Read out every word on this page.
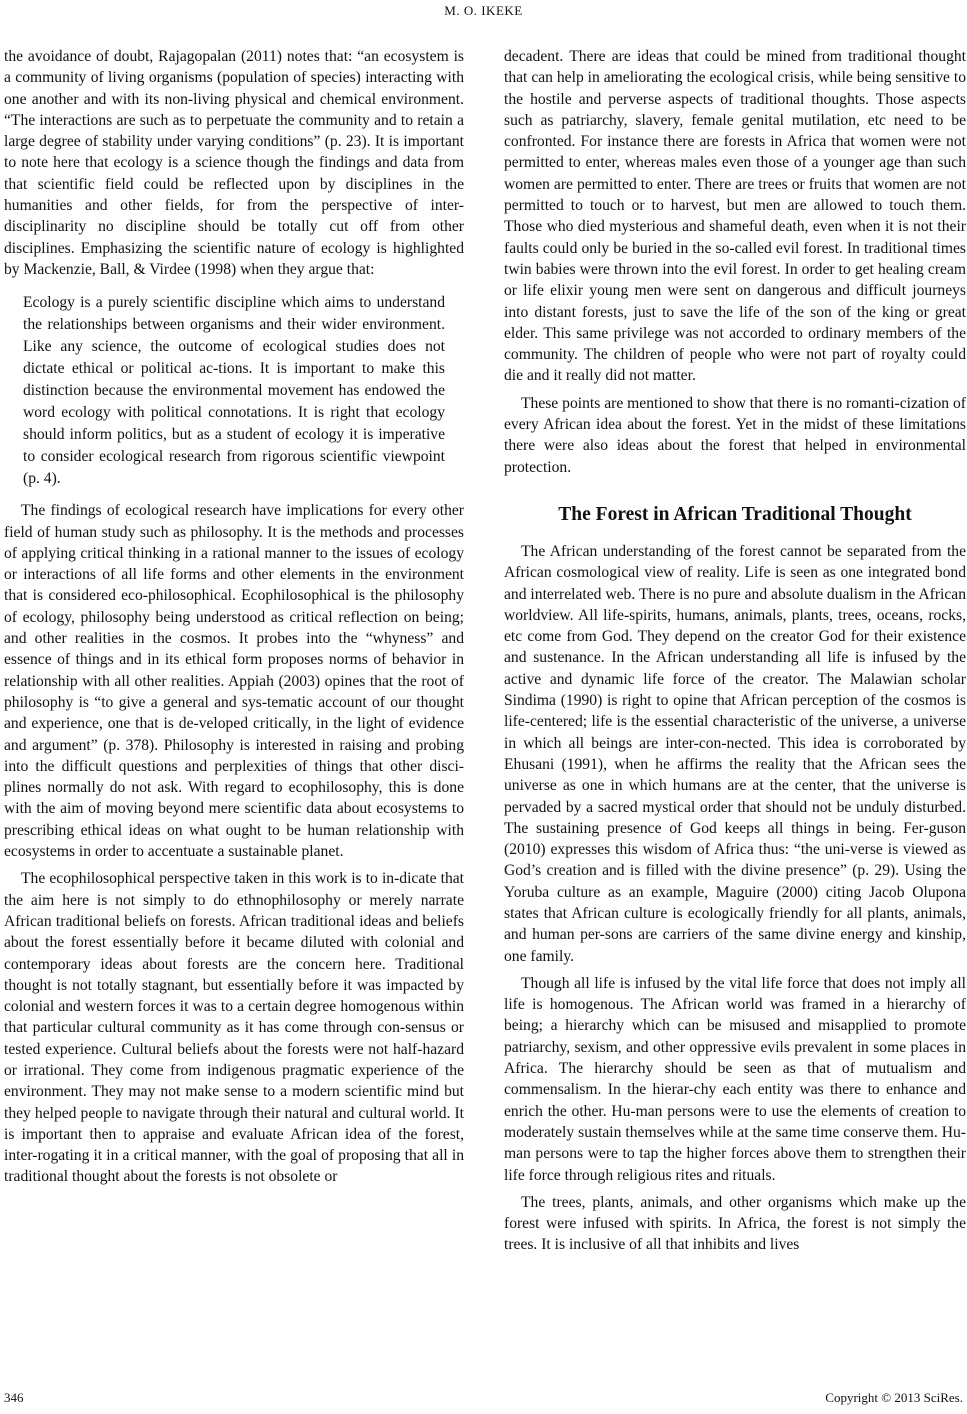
M. O. IKEKE

the avoidance of doubt, Rajagopalan (2011) notes that: “an ecosystem is a community of living organisms (population of species) interacting with one another and with its non-living physical and chemical environment. “The interactions are such as to perpetuate the community and to retain a large degree of stability under varying conditions” (p. 23). It is important to note here that ecology is a science though the findings and data from that scientific field could be reflected upon by disciplines in the humanities and other fields, for from the perspective of inter-disciplinarity no discipline should be totally cut off from other disciplines. Emphasizing the scientific nature of ecology is highlighted by Mackenzie, Ball, & Virdee (1998) when they argue that:

Ecology is a purely scientific discipline which aims to understand the relationships between organisms and their wider environment. Like any science, the outcome of ecological studies does not dictate ethical or political ac-tions. It is important to make this distinction because the environmental movement has endowed the word ecology with political connotations. It is right that ecology should inform politics, but as a student of ecology it is imperative to consider ecological research from rigorous scientific viewpoint (p. 4).

The findings of ecological research have implications for every other field of human study such as philosophy. It is the methods and processes of applying critical thinking in a rational manner to the issues of ecology or interactions of all life forms and other elements in the environment that is considered eco-philosophical. Ecophilosophical is the philosophy of ecology, philosophy being understood as critical reflection on being; and other realities in the cosmos. It probes into the “whyness” and essence of things and in its ethical form proposes norms of behavior in relationship with all other realities. Appiah (2003) opines that the root of philosophy is “to give a general and sys-tematic account of our thought and experience, one that is de-veloped critically, in the light of evidence and argument” (p. 378). Philosophy is interested in raising and probing into the difficult questions and perplexities of things that other disci-plines normally do not ask. With regard to ecophilosophy, this is done with the aim of moving beyond mere scientific data about ecosystems to prescribing ethical ideas on what ought to be human relationship with ecosystems in order to accentuate a sustainable planet.

The ecophilosophical perspective taken in this work is to in-dicate that the aim here is not simply to do ethnophilosophy or merely narrate African traditional beliefs on forests. African traditional ideas and beliefs about the forest essentially before it became diluted with colonial and contemporary ideas about forests are the concern here. Traditional thought is not totally stagnant, but essentially before it was impacted by colonial and western forces it was to a certain degree homogenous within that particular cultural community as it has come through con-sensus or tested experience. Cultural beliefs about the forests were not half-hazard or irrational. They come from indigenous pragmatic experience of the environment. They may not make sense to a modern scientific mind but they helped people to navigate through their natural and cultural world. It is important then to appraise and evaluate African idea of the forest, inter-rogating it in a critical manner, with the goal of proposing that all in traditional thought about the forests is not obsolete or

decadent. There are ideas that could be mined from traditional thought that can help in ameliorating the ecological crisis, while being sensitive to the hostile and perverse aspects of traditional thoughts. Those aspects such as patriarchy, slavery, female genital mutilation, etc need to be confronted. For instance there are forests in Africa that women were not permitted to enter, whereas males even those of a younger age than such women are permitted to enter. There are trees or fruits that women are not permitted to touch or to harvest, but men are allowed to touch them. Those who died mysterious and shameful death, even when it is not their faults could only be buried in the so-called evil forest. In traditional times twin babies were thrown into the evil forest. In order to get healing cream or life elixir young men were sent on dangerous and difficult journeys into distant forests, just to save the life of the son of the king or great elder. This same privilege was not accorded to ordinary members of the community. The children of people who were not part of royalty could die and it really did not matter.

These points are mentioned to show that there is no romanti-cization of every African idea about the forest. Yet in the midst of these limitations there were also ideas about the forest that helped in environmental protection.

The Forest in African Traditional Thought

The African understanding of the forest cannot be separated from the African cosmological view of reality. Life is seen as one integrated bond and interrelated web. There is no pure and absolute dualism in the African worldview. All life-spirits, humans, animals, plants, trees, oceans, rocks, etc come from God. They depend on the creator God for their existence and sustenance. In the African understanding all life is infused by the active and dynamic life force of the creator. The Malawian scholar Sindima (1990) is right to opine that African perception of the cosmos is life-centered; life is the essential characteristic of the universe, a universe in which all beings are inter-con-nected. This idea is corroborated by Ehusani (1991), when he affirms the reality that the African sees the universe as one in which humans are at the center, that the universe is pervaded by a sacred mystical order that should not be unduly disturbed. The sustaining presence of God keeps all things in being. Fer-guson (2010) expresses this wisdom of Africa thus: “the uni-verse is viewed as God’s creation and is filled with the divine presence” (p. 29). Using the Yoruba culture as an example, Maguire (2000) citing Jacob Olupona states that African culture is ecologically friendly for all plants, animals, and human per-sons are carriers of the same divine energy and kinship, one family.

Though all life is infused by the vital life force that does not imply all life is homogenous. The African world was framed in a hierarchy of being; a hierarchy which can be misused and misapplied to promote patriarchy, sexism, and other oppressive evils prevalent in some places in Africa. The hierarchy should be seen as that of mutualism and commensalism. In the hierar-chy each entity was there to enhance and enrich the other. Hu-man persons were to use the elements of creation to moderately sustain themselves while at the same time conserve them. Hu-man persons were to tap the higher forces above them to strengthen their life force through religious rites and rituals.

The trees, plants, animals, and other organisms which make up the forest were infused with spirits. In Africa, the forest is not simply the trees. It is inclusive of all that inhibits and lives

346	Copyright © 2013 SciRes.
